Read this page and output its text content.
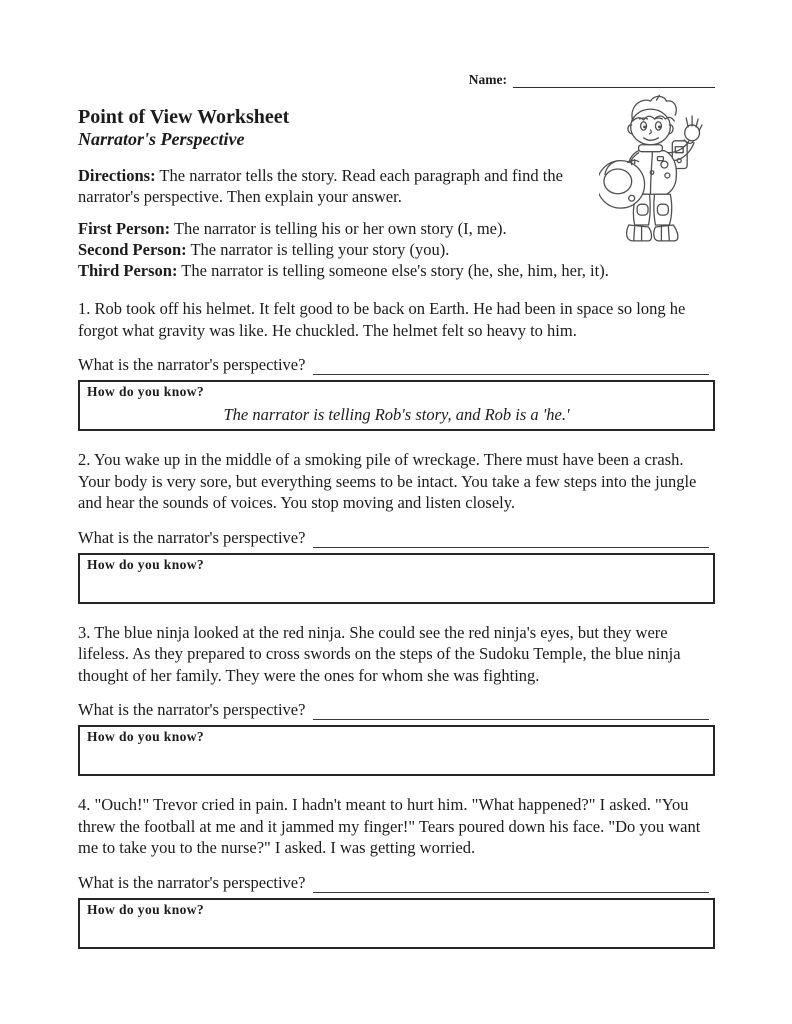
Name:
Point of View Worksheet
Narrator's Perspective
Directions: The narrator tells the story. Read each paragraph and find the narrator's perspective. Then explain your answer.
First Person: The narrator is telling his or her own story (I, me).
Second Person: The narrator is telling your story (you).
Third Person: The narrator is telling someone else's story (he, she, him, her, it).
1. Rob took off his helmet. It felt good to be back on Earth. He had been in space so long he forgot what gravity was like. He chuckled. The helmet felt so heavy to him.
What is the narrator's perspective?
How do you know?
The narrator is telling Rob's story, and Rob is a 'he.'
2. You wake up in the middle of a smoking pile of wreckage. There must have been a crash. Your body is very sore, but everything seems to be intact. You take a few steps into the jungle and hear the sounds of voices. You stop moving and listen closely.
What is the narrator's perspective?
How do you know?
3. The blue ninja looked at the red ninja. She could see the red ninja's eyes, but they were lifeless. As they prepared to cross swords on the steps of the Sudoku Temple, the blue ninja thought of her family. They were the ones for whom she was fighting.
What is the narrator's perspective?
How do you know?
4. "Ouch!" Trevor cried in pain. I hadn't meant to hurt him. "What happened?" I asked. "You threw the football at me and it jammed my finger!" Tears poured down his face. "Do you want me to take you to the nurse?" I asked. I was getting worried.
What is the narrator's perspective?
How do you know?
